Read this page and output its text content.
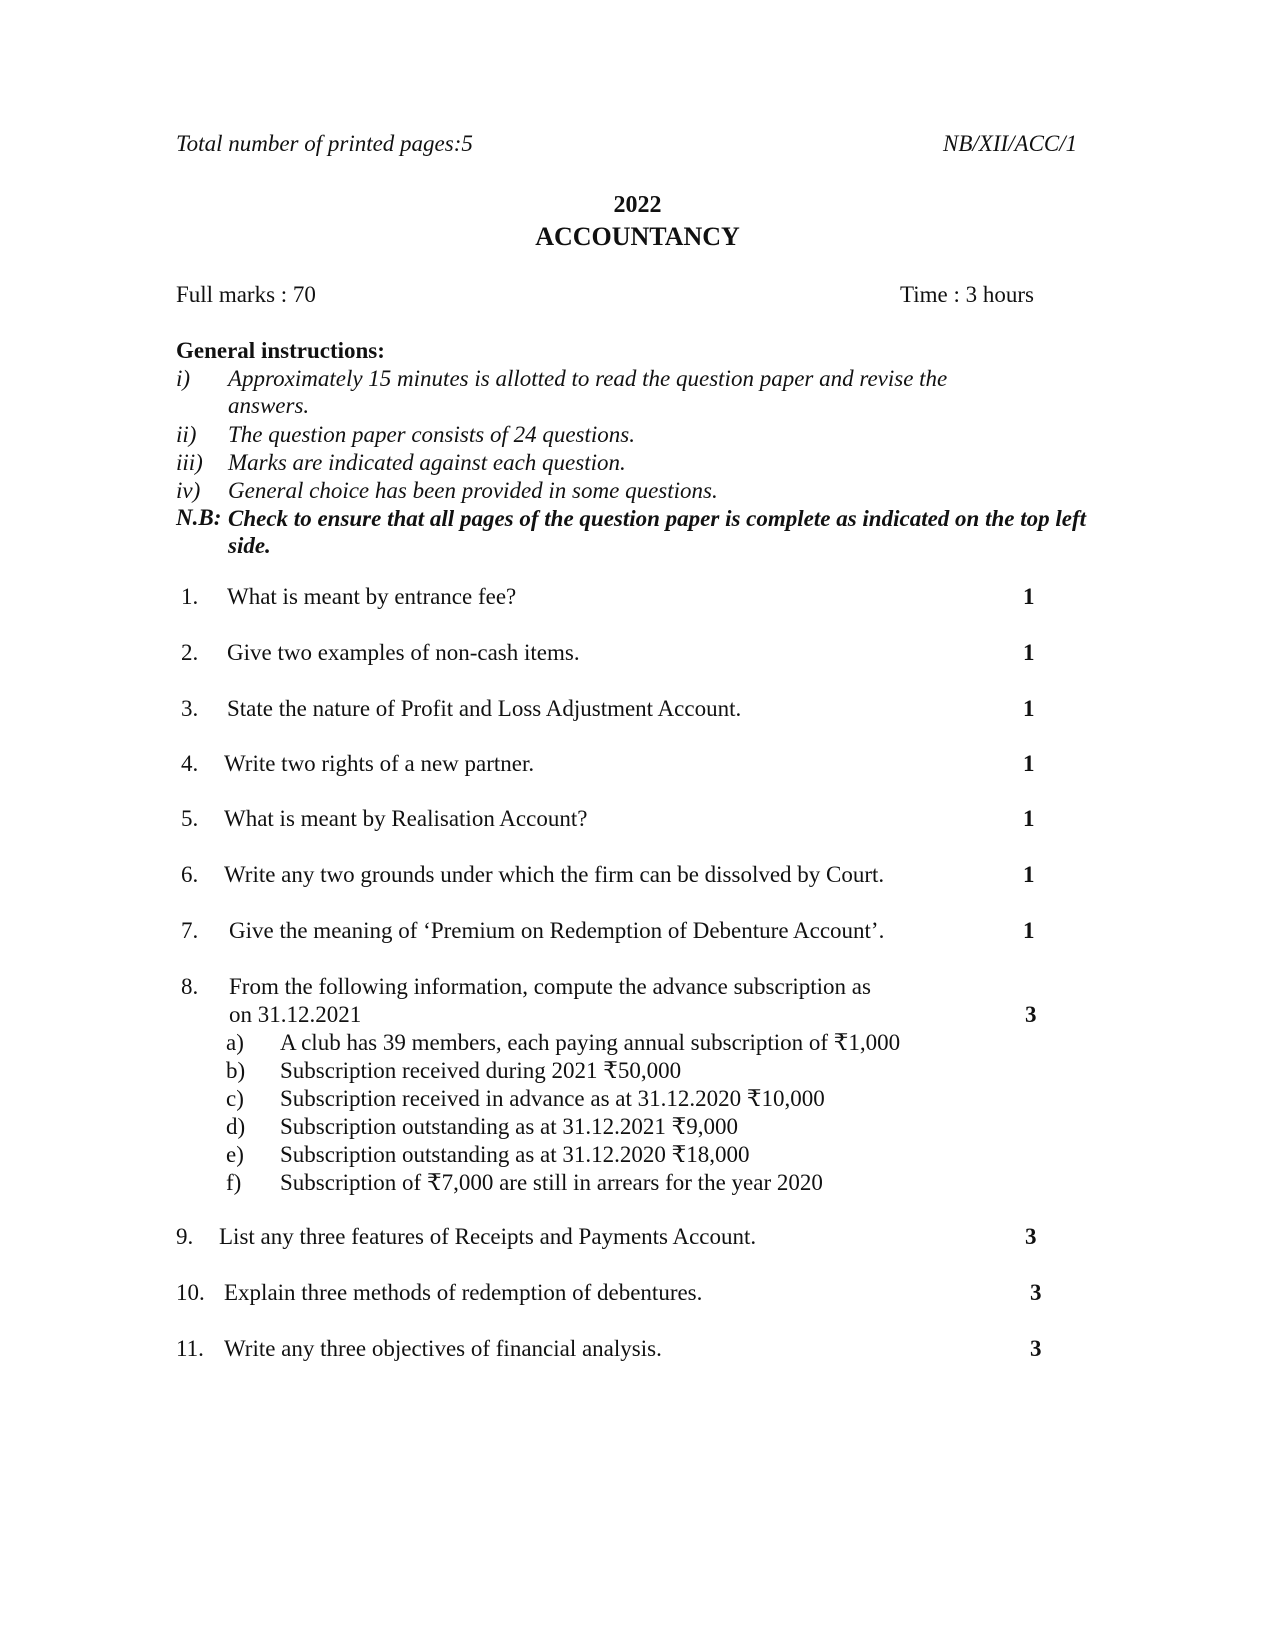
Total number of printed pages:5	NB/XII/ACC/1
2022
ACCOUNTANCY
Full marks : 70	Time : 3 hours
General instructions:
i) Approximately 15 minutes is allotted to read the question paper and revise the
answers.
ii) The question paper consists of 24 questions.
iii) Marks are indicated against each question.
iv) General choice has been provided in some questions.
N.B: Check to ensure that all pages of the question paper is complete as indicated on the top left side.
1. What is meant by entrance fee?	1
2. Give two examples of non-cash items.	1
3. State the nature of Profit and Loss Adjustment Account.	1
4. Write two rights of a new partner.	1
5. What is meant by Realisation Account?	1
6. Write any two grounds under which the firm can be dissolved by Court.	1
7. Give the meaning of ‘Premium on Redemption of Debenture Account’.	1
8. From the following information, compute the advance subscription as
on 31.12.2021	3
a) A club has 39 members, each paying annual subscription of ₹1,000
b) Subscription received during 2021 ₹50,000
c) Subscription received in advance as at 31.12.2020 ₹10,000
d) Subscription outstanding as at 31.12.2021 ₹9,000
e) Subscription outstanding as at 31.12.2020 ₹18,000
f) Subscription of ₹7,000 are still in arrears for the year 2020
9. List any three features of Receipts and Payments Account.	3
10. Explain three methods of redemption of debentures.	3
11. Write any three objectives of financial analysis.	3
